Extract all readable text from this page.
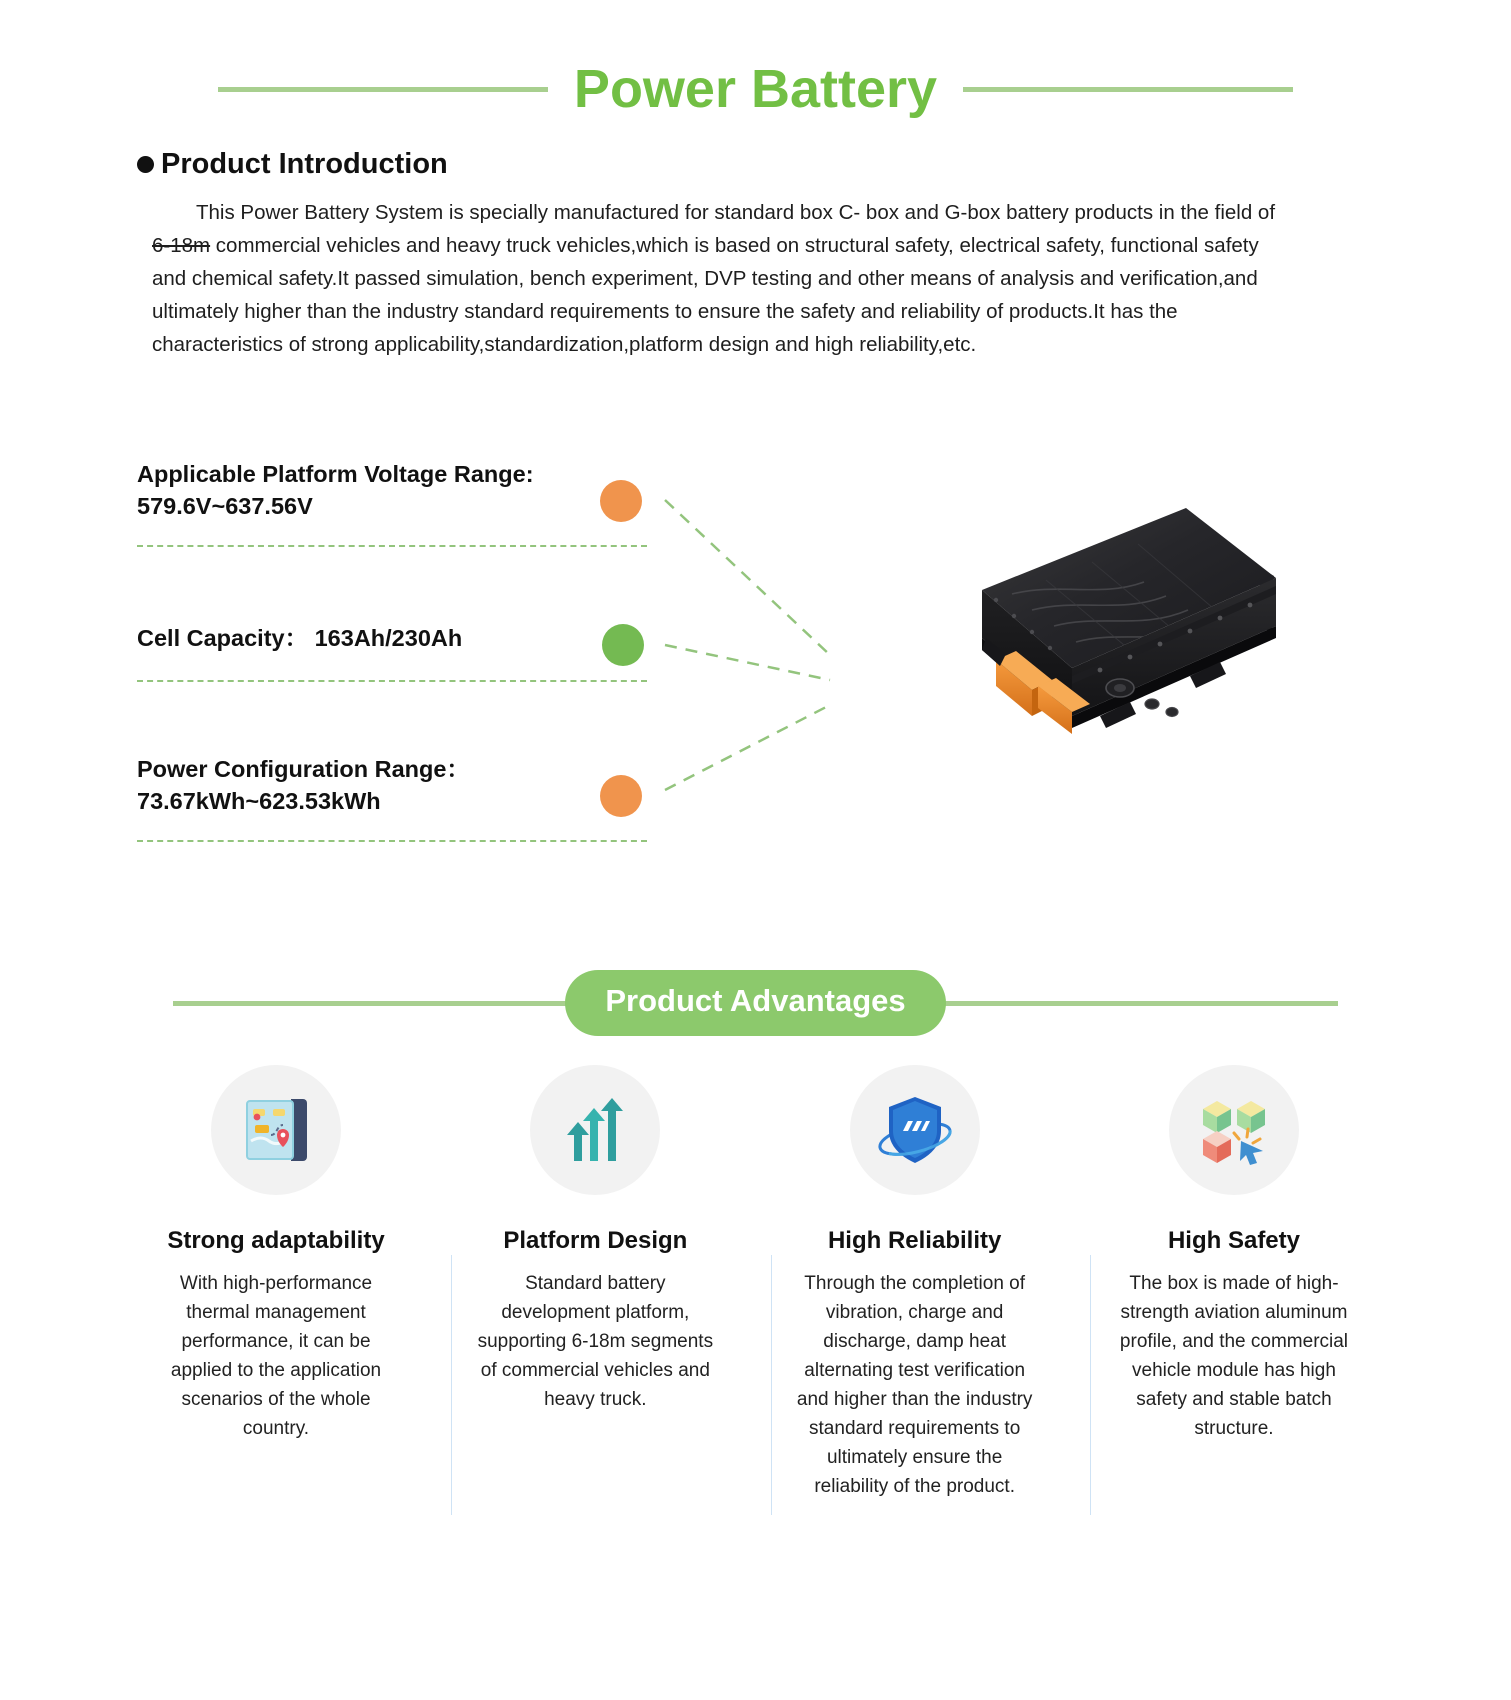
Power Battery
Product Introduction
This Power Battery System is specially manufactured for standard box C- box and G-box battery products in the field of 6-18m commercial vehicles and heavy truck vehicles,which is based on structural safety, electrical safety, functional safety and chemical safety.It passed simulation, bench experiment, DVP testing and other means of analysis and verification,and ultimately higher than the industry standard requirements to ensure the safety and reliability of products.It has the characteristics of strong applicability,standardization,platform design and high reliability,etc.
Applicable Platform Voltage Range:
579.6V~637.56V
Cell Capacity： 163Ah/230Ah
Power Configuration Range：
73.67kWh~623.53kWh
Product Advantages
Strong adaptability
With high-performance thermal management performance, it can be applied to the application scenarios of the whole country.
Platform Design
Standard battery development platform, supporting 6-18m segments of commercial vehicles and heavy truck.
High Reliability
Through the completion of vibration, charge and discharge, damp heat alternating test verification and higher than the industry standard requirements to ultimately ensure the reliability of the product.
High Safety
The box is made of high-strength aviation aluminum profile, and the commercial vehicle module has high safety and stable batch structure.
